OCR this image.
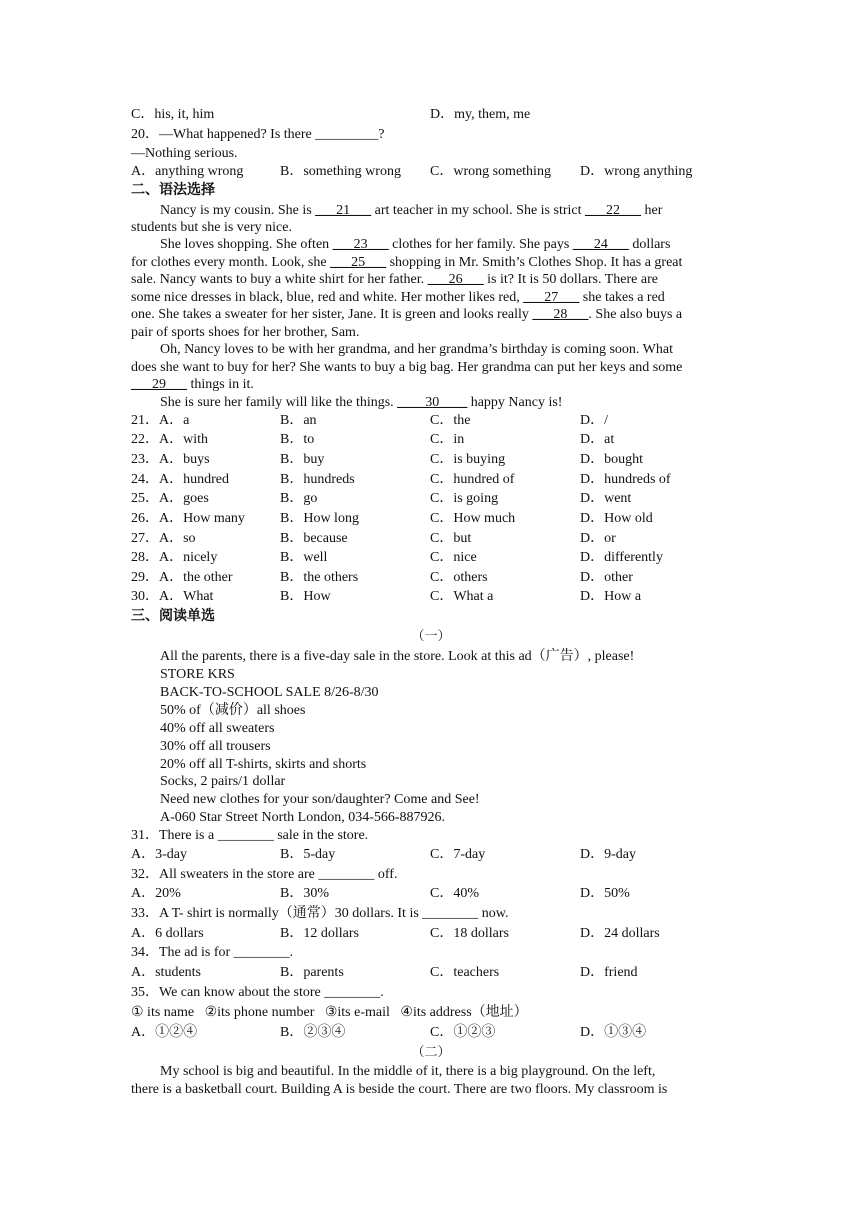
C．his, it, him	D．my, them, me
20．—What happened? Is there _________?
—Nothing serious.
A．anything wrong	B．something wrong C．wrong something D．wrong anything
二、语法选择
Nancy is my cousin. She is ___21___ art teacher in my school. She is strict ___22___ her
students but she is very nice.
She loves shopping. She often ___23___ clothes for her family. She pays ___24___ dollars
for clothes every month. Look, she ___25___ shopping in Mr. Smith’s Clothes Shop. It has a great
sale. Nancy wants to buy a white shirt for her father. ___26___ is it? It is 50 dollars. There are
some nice dresses in black, blue, red and white. Her mother likes red, ___27___ she takes a red
one. She takes a sweater for her sister, Jane. It is green and looks really ___28___. She also buys a
pair of sports shoes for her brother, Sam.
Oh, Nancy loves to be with her grandma, and her grandma’s birthday is coming soon. What
does she want to buy for her? She wants to buy a big bag. Her grandma can put her keys and some
___29___ things in it.
She is sure her family will like the things. ____30____ happy Nancy is!
21．A．a	B．an	C．the	D．/
22．A．with	B．to	C．in	D．at
23．A．buys	B．buy	C．is buying	D．bought
24．A．hundred	B．hundreds	C．hundred of	D．hundreds of
25．A．goes	B．go	C．is going	D．went
26．A．How many	B．How long	C．How much	D．How old
27．A．so	B．because	C．but	D．or
28．A．nicely	B．well	C．nice	D．differently
29．A．the other	B．the others	C．others	D．other
30．A．What	B．How	C．What a	D．How a
三、阅读单选
（一）
All the parents, there is a five-day sale in the store. Look at this ad（广告）, please!
STORE KRS
BACK-TO-SCHOOL SALE 8/26-8/30
50% of（减价）all shoes
40% off all sweaters
30% off all trousers
20% off all T-shirts, skirts and shorts
Socks, 2 pairs/1 dollar
Need new clothes for your son/daughter? Come and See!
A-060 Star Street North London, 034-566-887926.
31．There is a ________ sale in the store.
A．3-day	B．5-day	C．7-day	D．9-day
32．All sweaters in the store are ________ off.
A．20%	B．30%	C．40%	D．50%
33．A T- shirt is normally（通常）30 dollars. It is ________ now.
A．6 dollars	B．12 dollars	C．18 dollars	D．24 dollars
34．The ad is for ________.
A．students	B．parents	C．teachers	D．friend
35．We can know about the store ________.
① its name   ②its phone number   ③its e-mail   ④its address（地址）
A．①②④	B．②③④	C．①②③	D．①③④
（二）
My school is big and beautiful. In the middle of it, there is a big playground. On the left,
there is a basketball court. Building A is beside the court. There are two floors. My classroom is
